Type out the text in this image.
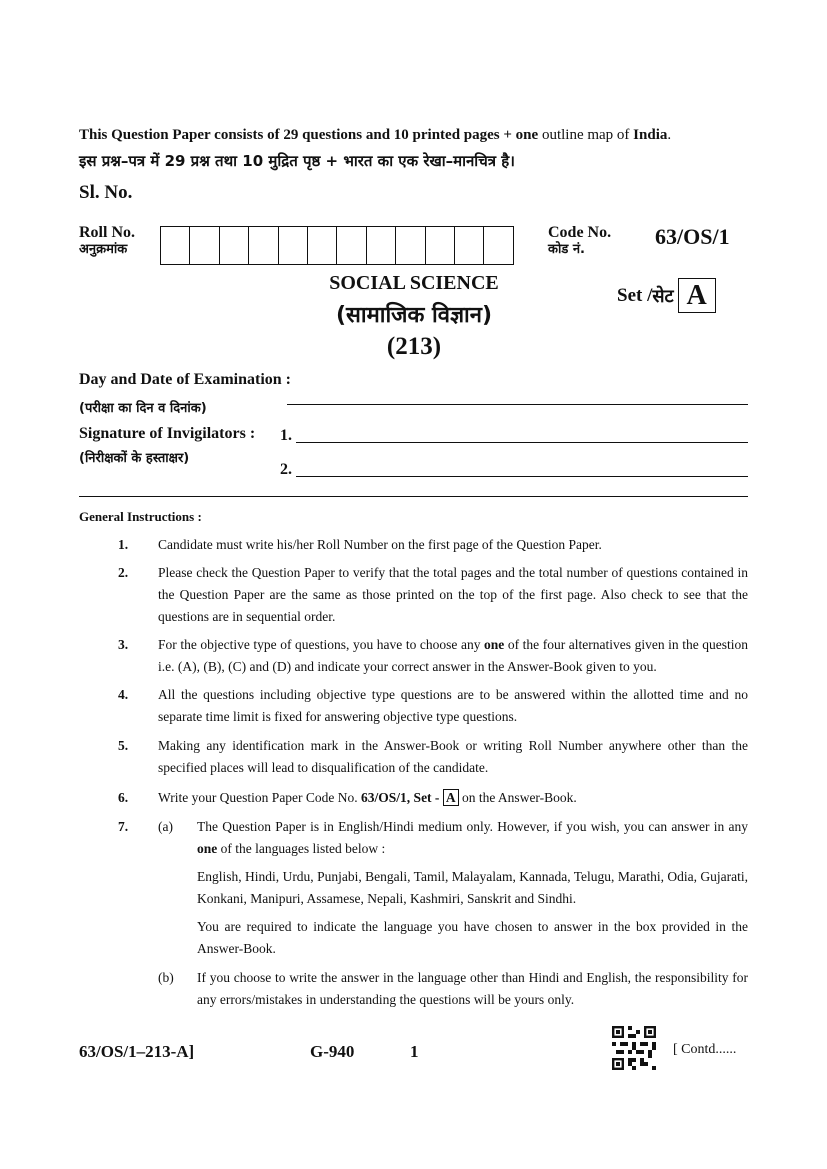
This Question Paper consists of 29 questions and 10 printed pages + one outline map of India.
इस प्रश्न–पत्र में 29 प्रश्न तथा 10 मुद्रित पृष्ठ + भारत का एक रेखा–मानचित्र है।
Sl. No.
Roll No.
अनुक्रमांक
Code No.
कोड नं.
63/OS/1
SOCIAL SCIENCE
(सामाजिक विज्ञान)
(213)
Set / सेट A
Day and Date of Examination :
(परीक्षा का दिन व दिनांक)
Signature of Invigilators :
(निरीक्षकों के हस्ताक्षर)
1.
2.
General Instructions :
1. Candidate must write his/her Roll Number on the first page of the Question Paper.
2. Please check the Question Paper to verify that the total pages and the total number of questions contained in the Question Paper are the same as those printed on the top of the first page. Also check to see that the questions are in sequential order.
3. For the objective type of questions, you have to choose any one of the four alternatives given in the question i.e. (A), (B), (C) and (D) and indicate your correct answer in the Answer-Book given to you.
4. All the questions including objective type questions are to be answered within the allotted time and no separate time limit is fixed for answering objective type questions.
5. Making any identification mark in the Answer-Book or writing Roll Number anywhere other than the specified places will lead to disqualification of the candidate.
6. Write your Question Paper Code No. 63/OS/1, Set - A on the Answer-Book.
7. (a) The Question Paper is in English/Hindi medium only. However, if you wish, you can answer in any one of the languages listed below :
English, Hindi, Urdu, Punjabi, Bengali, Tamil, Malayalam, Kannada, Telugu, Marathi, Odia, Gujarati, Konkani, Manipuri, Assamese, Nepali, Kashmiri, Sanskrit and Sindhi.
You are required to indicate the language you have chosen to answer in the box provided in the Answer-Book.
(b) If you choose to write the answer in the language other than Hindi and English, the responsibility for any errors/mistakes in understanding the questions will be yours only.
63/OS/1–213-A]	G-940	1	[ Contd......
